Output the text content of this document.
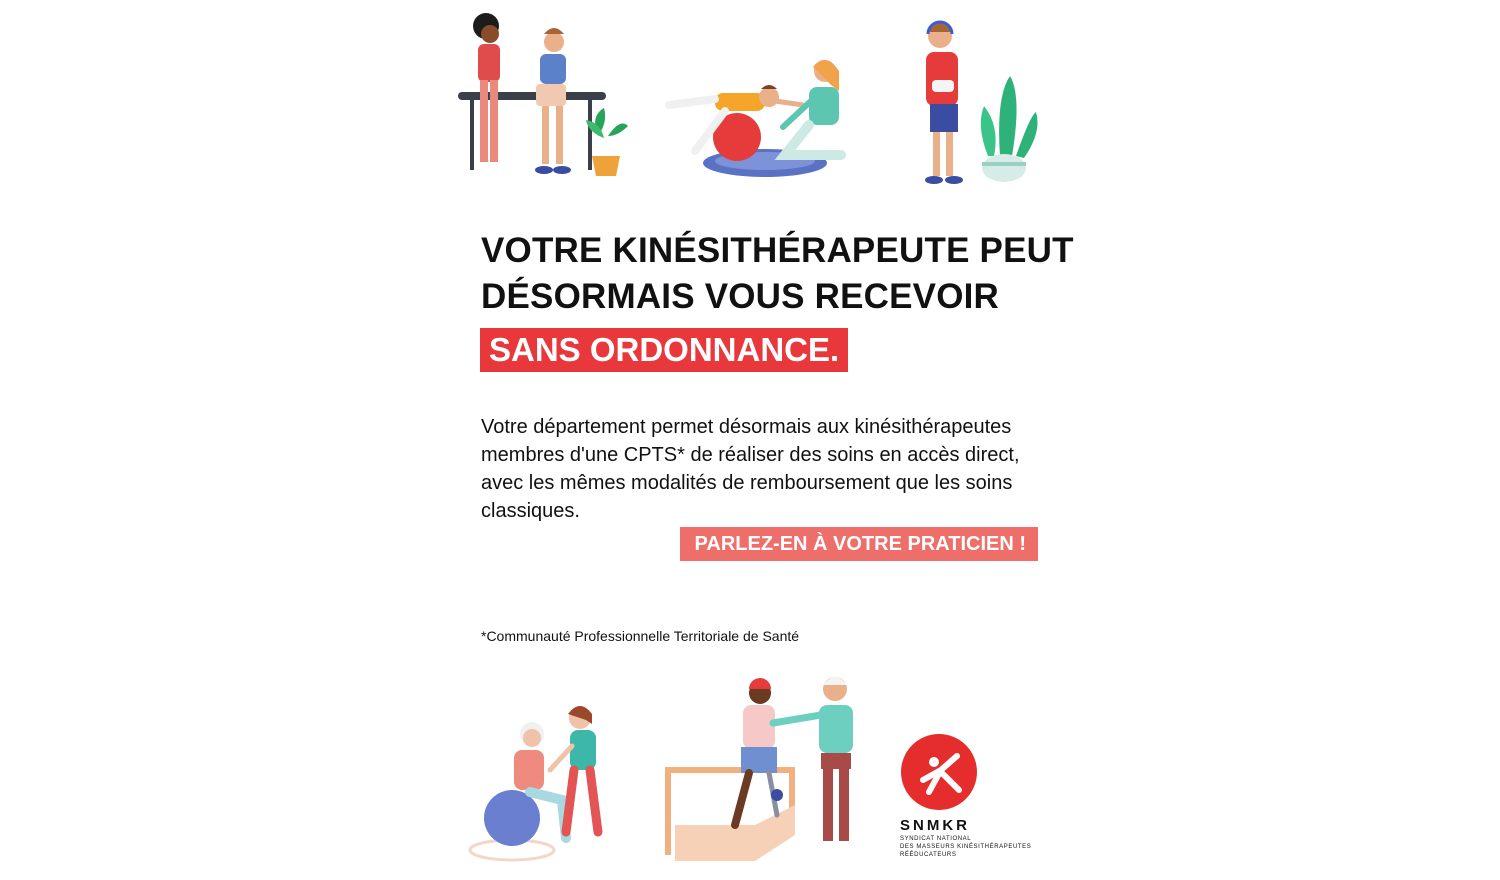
VOTRE KINÉSITHÉRAPEUTE PEUT
DÉSORMAIS VOUS RECEVOIR
SANS ORDONNANCE.
Votre département permet désormais aux kinésithérapeutes
membres d'une CPTS* de réaliser des soins en accès direct,
avec les mêmes modalités de remboursement que les soins
classiques.
PARLEZ-EN À VOTRE PRATICIEN !
*Communauté Professionnelle Territoriale de Santé
SNMKR
SYNDICAT NATIONAL
DES MASSEURS KINÉSITHÉRAPEUTES
RÉÉDUCATEURS
